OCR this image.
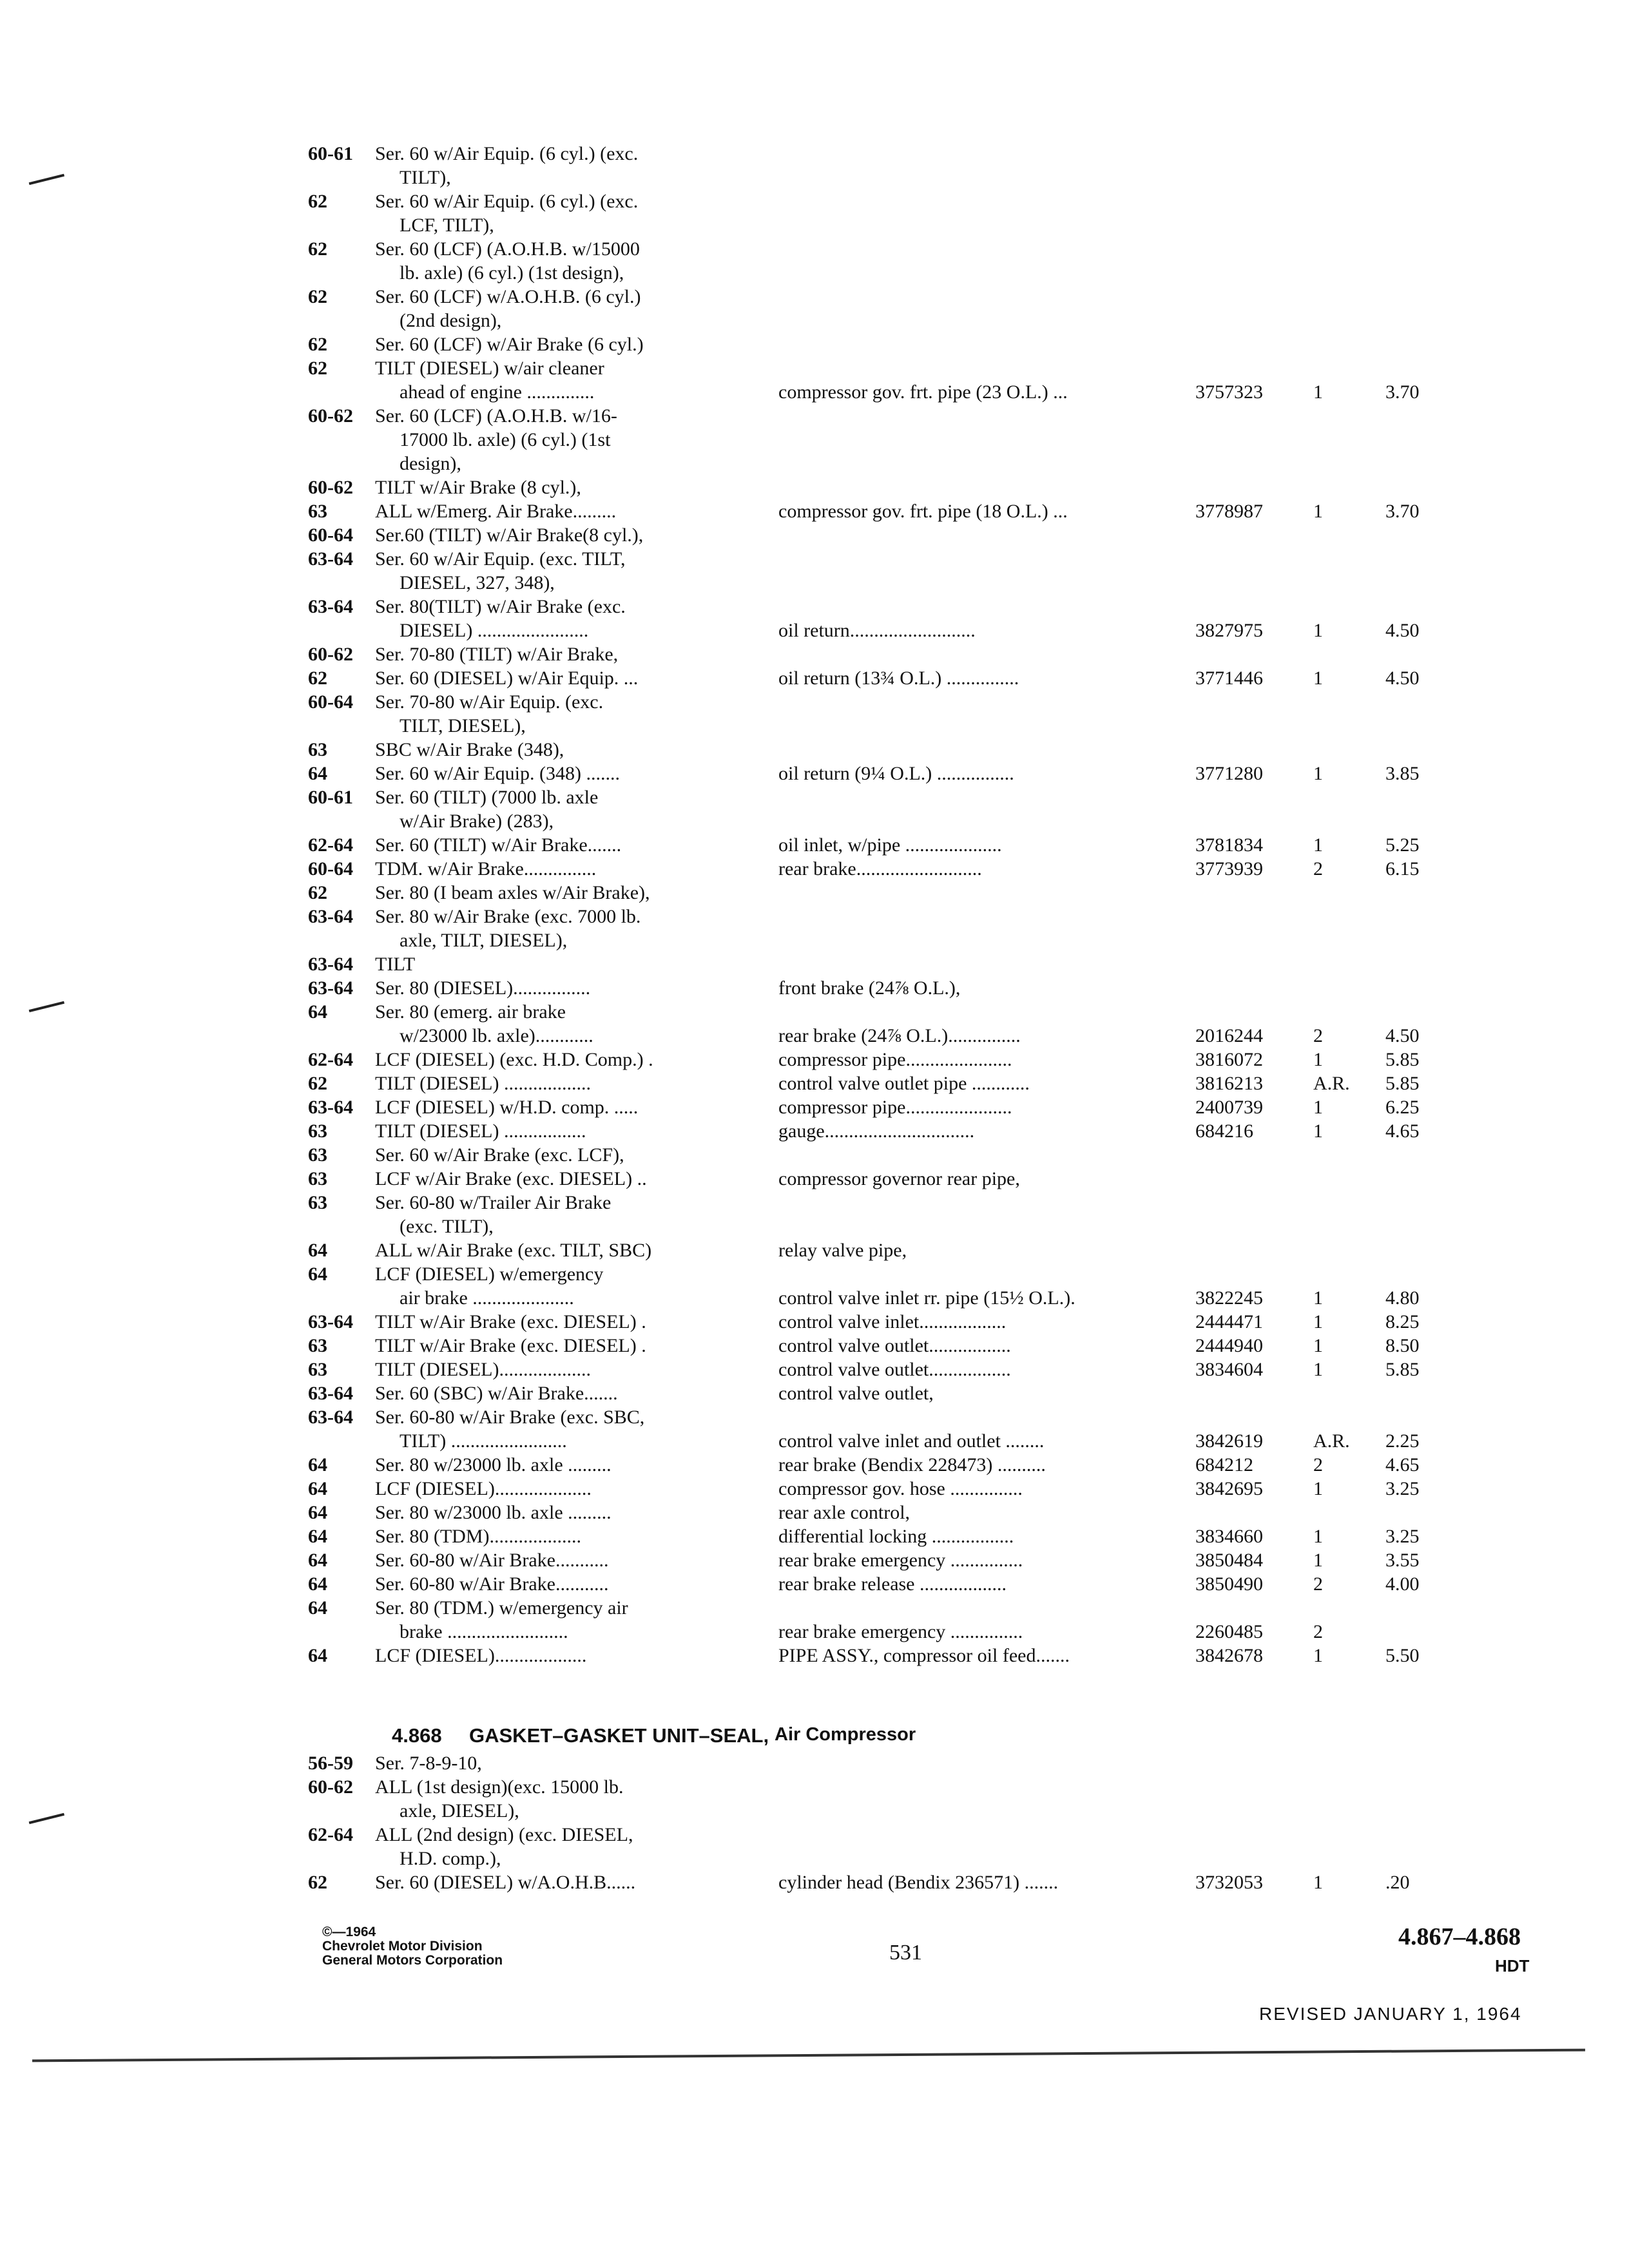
60-61 Ser. 60 w/Air Equip. (6 cyl.) (exc.
TILT),
62 Ser. 60 w/Air Equip. (6 cyl.) (exc.
LCF, TILT),
62 Ser. 60 (LCF) (A.O.H.B. w/15000
lb. axle) (6 cyl.) (1st design),
62 Ser. 60 (LCF) w/A.O.H.B. (6 cyl.)
(2nd design),
62 Ser. 60 (LCF) w/Air Brake (6 cyl.)
62 TILT (DIESEL) w/air cleaner
ahead of engine ..............	compressor gov. frt. pipe (23 O.L.) ...	3757323	1	3.70
60-62 Ser. 60 (LCF) (A.O.H.B. w/16-
17000 lb. axle) (6 cyl.) (1st
design),
60-62 TILT w/Air Brake (8 cyl.),
63 ALL w/Emerg. Air Brake.........	compressor gov. frt. pipe (18 O.L.) ...	3778987	1	3.70
60-64 Ser.60 (TILT) w/Air Brake(8 cyl.),
63-64 Ser. 60 w/Air Equip. (exc. TILT,
DIESEL, 327, 348),
63-64 Ser. 80(TILT) w/Air Brake (exc.
DIESEL) .......................	oil return..........................	3827975	1	4.50
60-62 Ser. 70-80 (TILT) w/Air Brake,
62 Ser. 60 (DIESEL) w/Air Equip. ...	oil return (13¾ O.L.) ...............	3771446	1	4.50
60-64 Ser. 70-80 w/Air Equip. (exc.
TILT, DIESEL),
63 SBC w/Air Brake (348),
64 Ser. 60 w/Air Equip. (348) .......	oil return (9¼ O.L.) ................	3771280	1	3.85
60-61 Ser. 60 (TILT) (7000 lb. axle
w/Air Brake) (283),
62-64 Ser. 60 (TILT) w/Air Brake.......	oil inlet, w/pipe ....................	3781834	1	5.25
60-64 TDM. w/Air Brake...............	rear brake..........................	3773939	2	6.15
62 Ser. 80 (I beam axles w/Air Brake),
63-64 Ser. 80 w/Air Brake (exc. 7000 lb.
axle, TILT, DIESEL),
63-64 TILT
63-64 Ser. 80 (DIESEL)................	front brake (24⅞ O.L.),
64 Ser. 80 (emerg. air brake
w/23000 lb. axle)............	rear brake (24⅞ O.L.)...............	2016244	2	4.50
62-64 LCF (DIESEL) (exc. H.D. Comp.) .	compressor pipe......................	3816072	1	5.85
62 TILT (DIESEL) ..................	control valve outlet pipe ............	3816213	A.R. 5.85
63-64 LCF (DIESEL) w/H.D. comp. .....	compressor pipe......................	2400739	1	6.25
63 TILT (DIESEL) .................	gauge...............................	684216	1	4.65
63 Ser. 60 w/Air Brake (exc. LCF),
63 LCF w/Air Brake (exc. DIESEL) ..	compressor governor rear pipe,
63 Ser. 60-80 w/Trailer Air Brake
(exc. TILT),
64 ALL w/Air Brake (exc. TILT, SBC)	relay valve pipe,
64 LCF (DIESEL) w/emergency
air brake .....................	control valve inlet rr. pipe (15½ O.L.).	3822245	1	4.80
63-64 TILT w/Air Brake (exc. DIESEL) .	control valve inlet..................	2444471	1	8.25
63 TILT w/Air Brake (exc. DIESEL) .	control valve outlet.................	2444940	1	8.50
63 TILT (DIESEL)...................	control valve outlet.................	3834604	1	5.85
63-64 Ser. 60 (SBC) w/Air Brake.......	control valve outlet,
63-64 Ser. 60-80 w/Air Brake (exc. SBC,
TILT) ........................	control valve inlet and outlet ........	3842619	A.R. 2.25
64 Ser. 80 w/23000 lb. axle .........	rear brake (Bendix 228473) ..........	684212	2	4.65
64 LCF (DIESEL)....................	compressor gov. hose ...............	3842695	1	3.25
64 Ser. 80 w/23000 lb. axle .........	rear axle control,
64 Ser. 80 (TDM)...................	differential locking .................	3834660	1	3.25
64 Ser. 60-80 w/Air Brake...........	rear brake emergency ...............	3850484	1	3.55
64 Ser. 60-80 w/Air Brake...........	rear brake release ..................	3850490	2	4.00
64 Ser. 80 (TDM.) w/emergency air
brake .........................	rear brake emergency ...............	2260485	2
64 LCF (DIESEL)...................	PIPE ASSY., compressor oil feed.......	3842678	1	5.50
4.868 GASKET–GASKET UNIT–SEAL, Air Compressor
56-59 Ser. 7-8-9-10,
60-62 ALL (1st design)(exc. 15000 lb.
axle, DIESEL),
62-64 ALL (2nd design) (exc. DIESEL,
H.D. comp.),
62 Ser. 60 (DIESEL) w/A.O.H.B......	cylinder head (Bendix 236571) .......	3732053	1	.20
©—1964
Chevrolet Motor Division
General Motors Corporation	531
4.867–4.868
HDT
REVISED JANUARY 1, 1964
